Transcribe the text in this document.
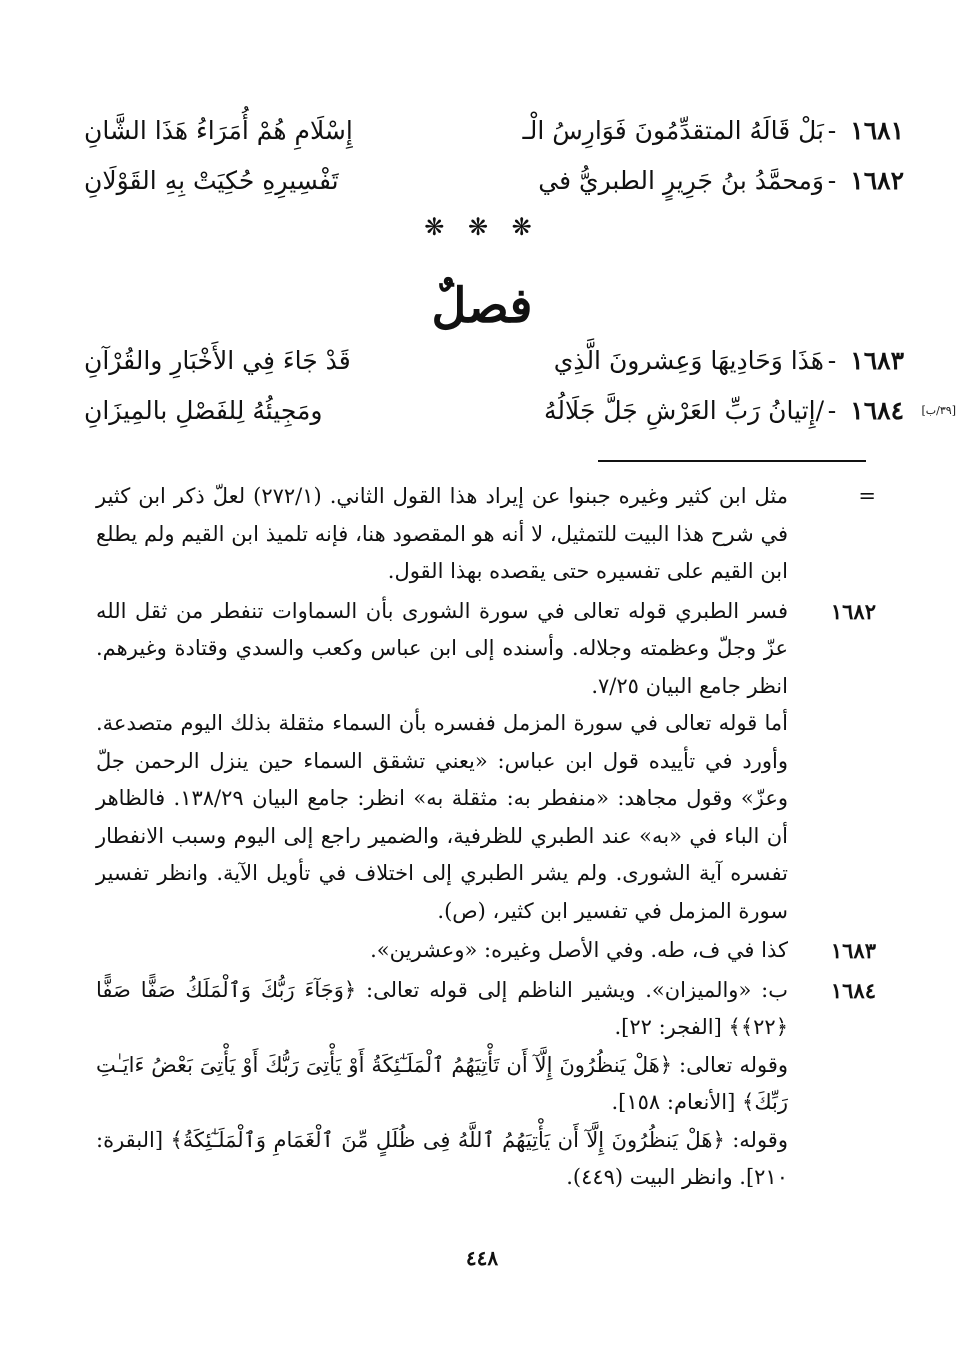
١٦٨١
-
بَلْ قَالَهُ المتقدِّمُونَ فَوَارِسُ الْـ
إِسْلَامِ هُمْ أُمَرَاءُ هَذَا الشَّانِ
١٦٨٢
-
وَمحمَّدُ بنُ جَرِيرٍ الطبريُّ في
تَفْسِيرِهِ حُكِيَتْ بِهِ القَوْلَانِ
❋ ❋ ❋
فصلٌ
١٦٨٣
-
هَذَا وَحَادِيهَا وَعِشرونَ الَّذِي
قَدْ جَاءَ فِي الأَخْبَارِ والقُرْآنِ
١٦٨٤
-
/إِتيانُ رَبِّ العَرْشِ جَلَّ جَلَالُهُ
ومَجِيئُهُ لِلفَصْلِ بالمِيزَانِ	[٣٩/ب]
=

مثل ابن كثير وغيره جبنوا عن إيراد هذا القول الثاني. (٢٧٢/١) لعلّ ذكر ابن كثير في شرح هذا البيت للتمثيل، لا أنه هو المقصود هنا، فإنه تلميذ ابن القيم ولم يطلع ابن القيم على تفسيره حتى يقصده بهذا القول.

١٦٨٢

فسر الطبري قوله تعالى في سورة الشورى بأن السماوات تنفطر من ثقل الله عزّ وجلّ وعظمته وجلاله. وأسنده إلى ابن عباس وكعب والسدي وقتادة وغيرهم. انظر جامع البيان ٧/٢٥.

أما قوله تعالى في سورة المزمل ففسره بأن السماء مثقلة بذلك اليوم متصدعة. وأورد في تأييده قول ابن عباس: «يعني تشقق السماء حين ينزل الرحمن جلّ وعزّ» وقول مجاهد: «منفطر به: مثقلة به» انظر: جامع البيان ١٣٨/٢٩. فالظاهر أن الباء في «به» عند الطبري للظرفية، والضمير راجع إلى اليوم وسبب الانفطار تفسره آية الشورى. ولم يشر الطبري إلى اختلاف في تأويل الآية. وانظر تفسير سورة المزمل في تفسير ابن كثير، (ص).

١٦٨٣

كذا في ف، طه. وفي الأصل وغيره: «وعشرين».

١٦٨٤

ب: «والميزان». ويشير الناظم إلى قوله تعالى: ﴿وَجَآءَ رَبُّكَ وَٱلْمَلَكُ صَفًّا صَفًّا ﴿٢٢﴾﴾ [الفجر: ٢٢].

وقوله تعالى: ﴿هَلْ يَنظُرُونَ إِلَّآ أَن تَأْتِيَهُمُ ٱلْمَلَـٰٓئِكَةُ أَوْ يَأْتِىَ رَبُّكَ أَوْ يَأْتِىَ بَعْضُ ءَايَـٰتِ رَبِّكَ﴾ [الأنعام: ١٥٨].

وقوله: ﴿هَلْ يَنظُرُونَ إِلَّآ أَن يَأْتِيَهُمُ ٱللَّهُ فِى ظُلَلٍ مِّنَ ٱلْغَمَامِ وَٱلْمَلَـٰٓئِكَةُ﴾ [البقرة: ٢١٠]. وانظر البيت (٤٤٩).

٤٤٨
